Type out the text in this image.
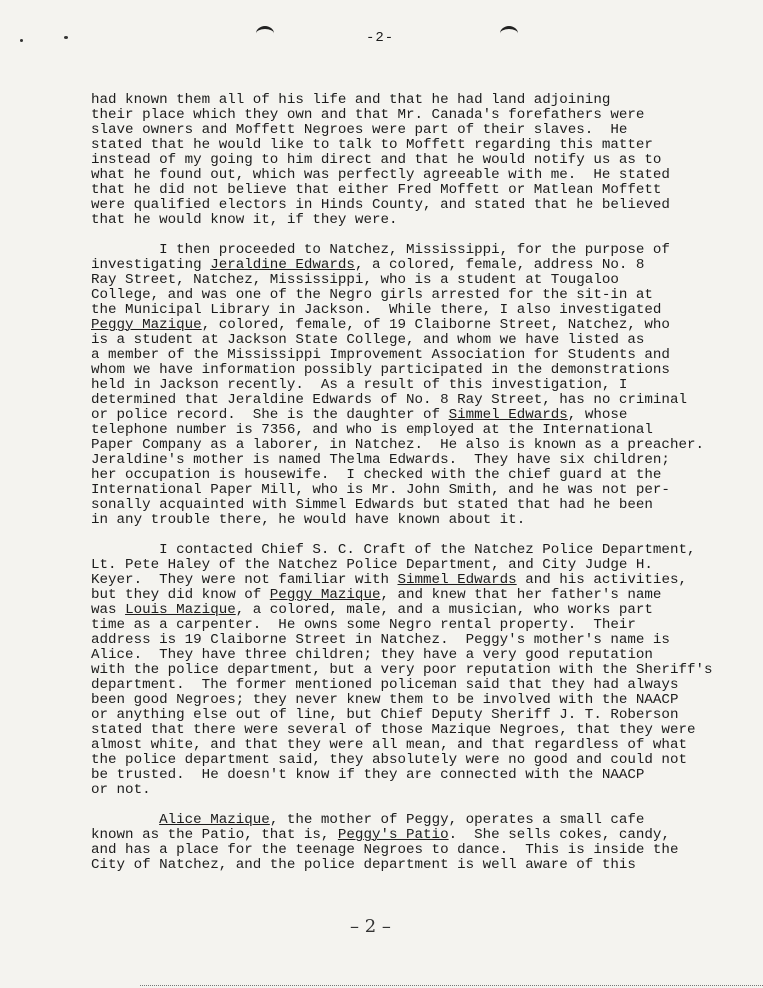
-2-
had known them all of his life and that he had land adjoining
their place which they own and that Mr. Canada's forefathers were
slave owners and Moffett Negroes were part of their slaves.  He
stated that he would like to talk to Moffett regarding this matter
instead of my going to him direct and that he would notify us as to
what he found out, which was perfectly agreeable with me.  He stated
that he did not believe that either Fred Moffett or Matlean Moffett
were qualified electors in Hinds County, and stated that he believed
that he would know it, if they were.
I then proceeded to Natchez, Mississippi, for the purpose of
investigating Jeraldine Edwards, a colored, female, address No. 8
Ray Street, Natchez, Mississippi, who is a student at Tougaloo
College, and was one of the Negro girls arrested for the sit-in at
the Municipal Library in Jackson.  While there, I also investigated
Peggy Mazique, colored, female, of 19 Claiborne Street, Natchez, who
is a student at Jackson State College, and whom we have listed as
a member of the Mississippi Improvement Association for Students and
whom we have information possibly participated in the demonstrations
held in Jackson recently.  As a result of this investigation, I
determined that Jeraldine Edwards of No. 8 Ray Street, has no criminal
or police record.  She is the daughter of Simmel Edwards, whose
telephone number is 7356, and who is employed at the International
Paper Company as a laborer, in Natchez.  He also is known as a preacher.
Jeraldine's mother is named Thelma Edwards.  They have six children;
her occupation is housewife.  I checked with the chief guard at the
International Paper Mill, who is Mr. John Smith, and he was not per-
sonally acquainted with Simmel Edwards but stated that had he been
in any trouble there, he would have known about it.
I contacted Chief S. C. Craft of the Natchez Police Department,
Lt. Pete Haley of the Natchez Police Department, and City Judge H.
Keyer.  They were not familiar with Simmel Edwards and his activities,
but they did know of Peggy Mazique, and knew that her father's name
was Louis Mazique, a colored, male, and a musician, who works part
time as a carpenter.  He owns some Negro rental property.  Their
address is 19 Claiborne Street in Natchez.  Peggy's mother's name is
Alice.  They have three children; they have a very good reputation
with the police department, but a very poor reputation with the Sheriff's
department.  The former mentioned policeman said that they had always
been good Negroes; they never knew them to be involved with the NAACP
or anything else out of line, but Chief Deputy Sheriff J. T. Roberson
stated that there were several of those Mazique Negroes, that they were
almost white, and that they were all mean, and that regardless of what
the police department said, they absolutely were no good and could not
be trusted.  He doesn't know if they are connected with the NAACP
or not.
Alice Mazique, the mother of Peggy, operates a small cafe
known as the Patio, that is, Peggy's Patio.  She sells cokes, candy,
and has a place for the teenage Negroes to dance.  This is inside the
City of Natchez, and the police department is well aware of this
– 2 –
